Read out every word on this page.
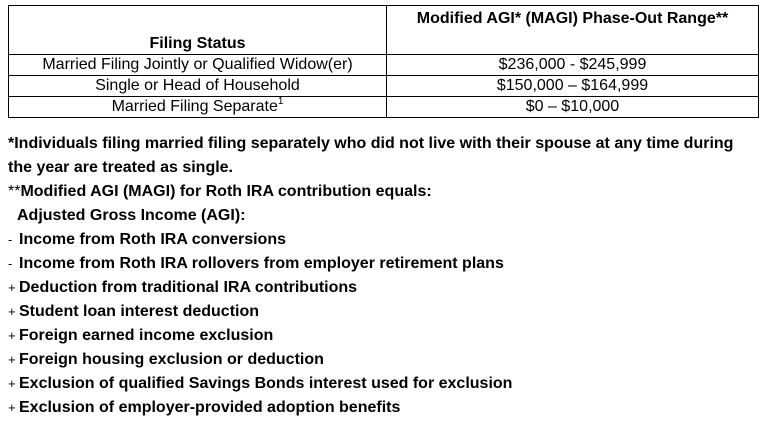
Filing Status	Modified AGI* (MAGI) Phase-Out Range**
Married Filing Jointly or Qualified Widow(er)	$236,000 - $245,999
Single or Head of Household	$150,000 – $164,999
Married Filing Separate$^1$	$0 – $10,000

*Individuals filing married filing separately who did not live with their spouse at any time during the year are treated as single.

**Modified AGI (MAGI) for Roth IRA contribution equals:

Adjusted Gross Income (AGI):

- Income from Roth IRA conversions

- Income from Roth IRA rollovers from employer retirement plans

+ Deduction from traditional IRA contributions

+ Student loan interest deduction

+ Foreign earned income exclusion

+ Foreign housing exclusion or deduction

+ Exclusion of qualified Savings Bonds interest used for exclusion

+ Exclusion of employer-provided adoption benefits
